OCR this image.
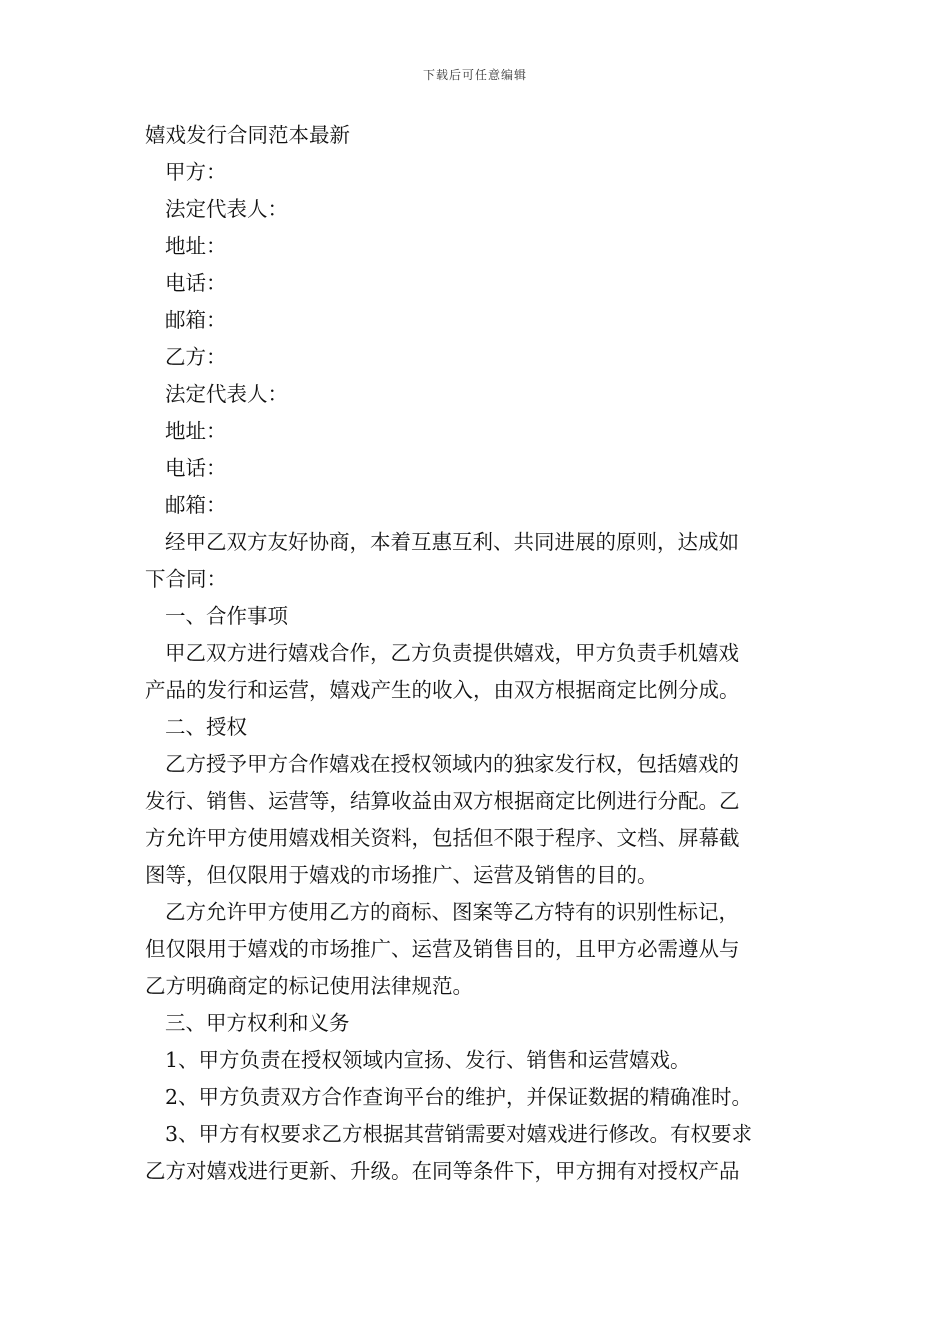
下载后可任意编辑

嬉戏发行合同范本最新

甲方：

法定代表人：

地址：

电话：

邮箱：

乙方：

法定代表人：

地址：

电话：

邮箱：

经甲乙双方友好协商，本着互惠互利、共同进展的原则，达成如

下合同：

一、合作事项

甲乙双方进行嬉戏合作，乙方负责提供嬉戏，甲方负责手机嬉戏

产品的发行和运营，嬉戏产生的收入，由双方根据商定比例分成。

二、授权

乙方授予甲方合作嬉戏在授权领域内的独家发行权，包括嬉戏的

发行、销售、运营等，结算收益由双方根据商定比例进行分配。乙

方允许甲方使用嬉戏相关资料，包括但不限于程序、文档、屏幕截

图等，但仅限用于嬉戏的市场推广、运营及销售的目的。

乙方允许甲方使用乙方的商标、图案等乙方特有的识别性标记，

但仅限用于嬉戏的市场推广、运营及销售目的，且甲方必需遵从与

乙方明确商定的标记使用法律规范。

三、甲方权利和义务

1、甲方负责在授权领域内宣扬、发行、销售和运营嬉戏。

2、甲方负责双方合作查询平台的维护，并保证数据的精确准时。

3、甲方有权要求乙方根据其营销需要对嬉戏进行修改。有权要求

乙方对嬉戏进行更新、升级。在同等条件下，甲方拥有对授权产品
